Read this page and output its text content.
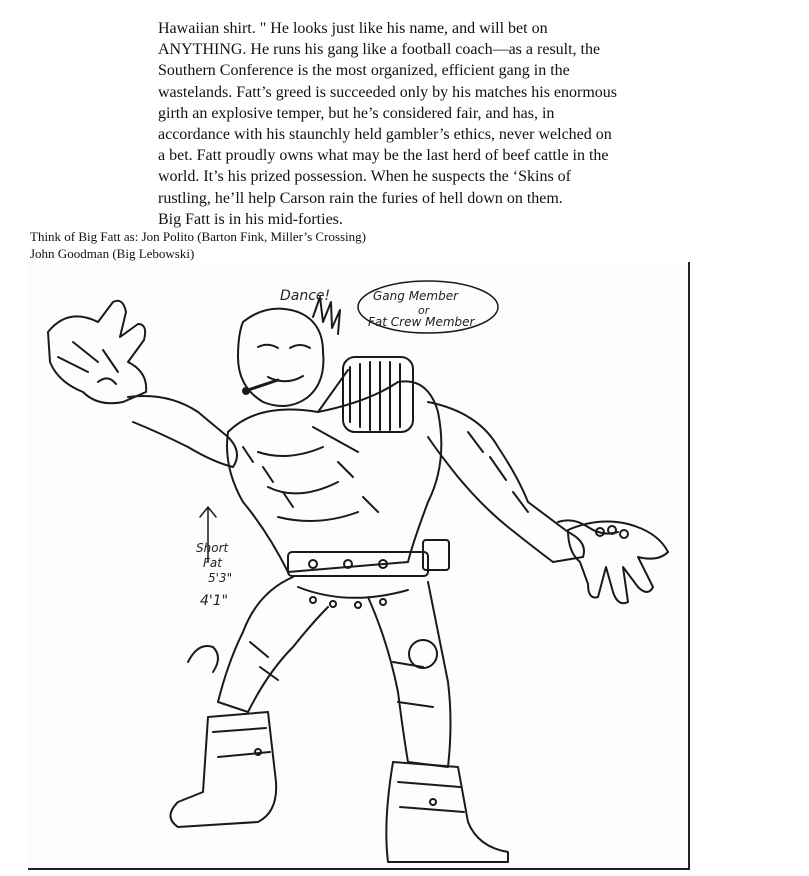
Hawaiian shirt. " He looks just like his name, and will bet on
ANYTHING. He runs his gang like a football coach—as a result, the
Southern Conference is the most organized, efficient gang in the
wastelands. Fatt’s greed is succeeded only by his matches his enormous
girth an explosive temper, but he’s considered fair, and has, in
accordance with his staunchly held gambler’s ethics, never welched on
a bet. Fatt proudly owns what may be the last herd of beef cattle in the
world. It’s his prized possession. When he suspects the ‘Skins of
rustling, he’ll help Carson rain the furies of hell down on them.
Big Fatt is in his mid-forties.
Think of Big Fatt as: Jon Polito (Barton Fink, Miller’s Crossing)
John Goodman (Big Lebowski)
Dance!	Gang Member
or
Fat Crew Member
Short
Fat
5'3"
4'1"
